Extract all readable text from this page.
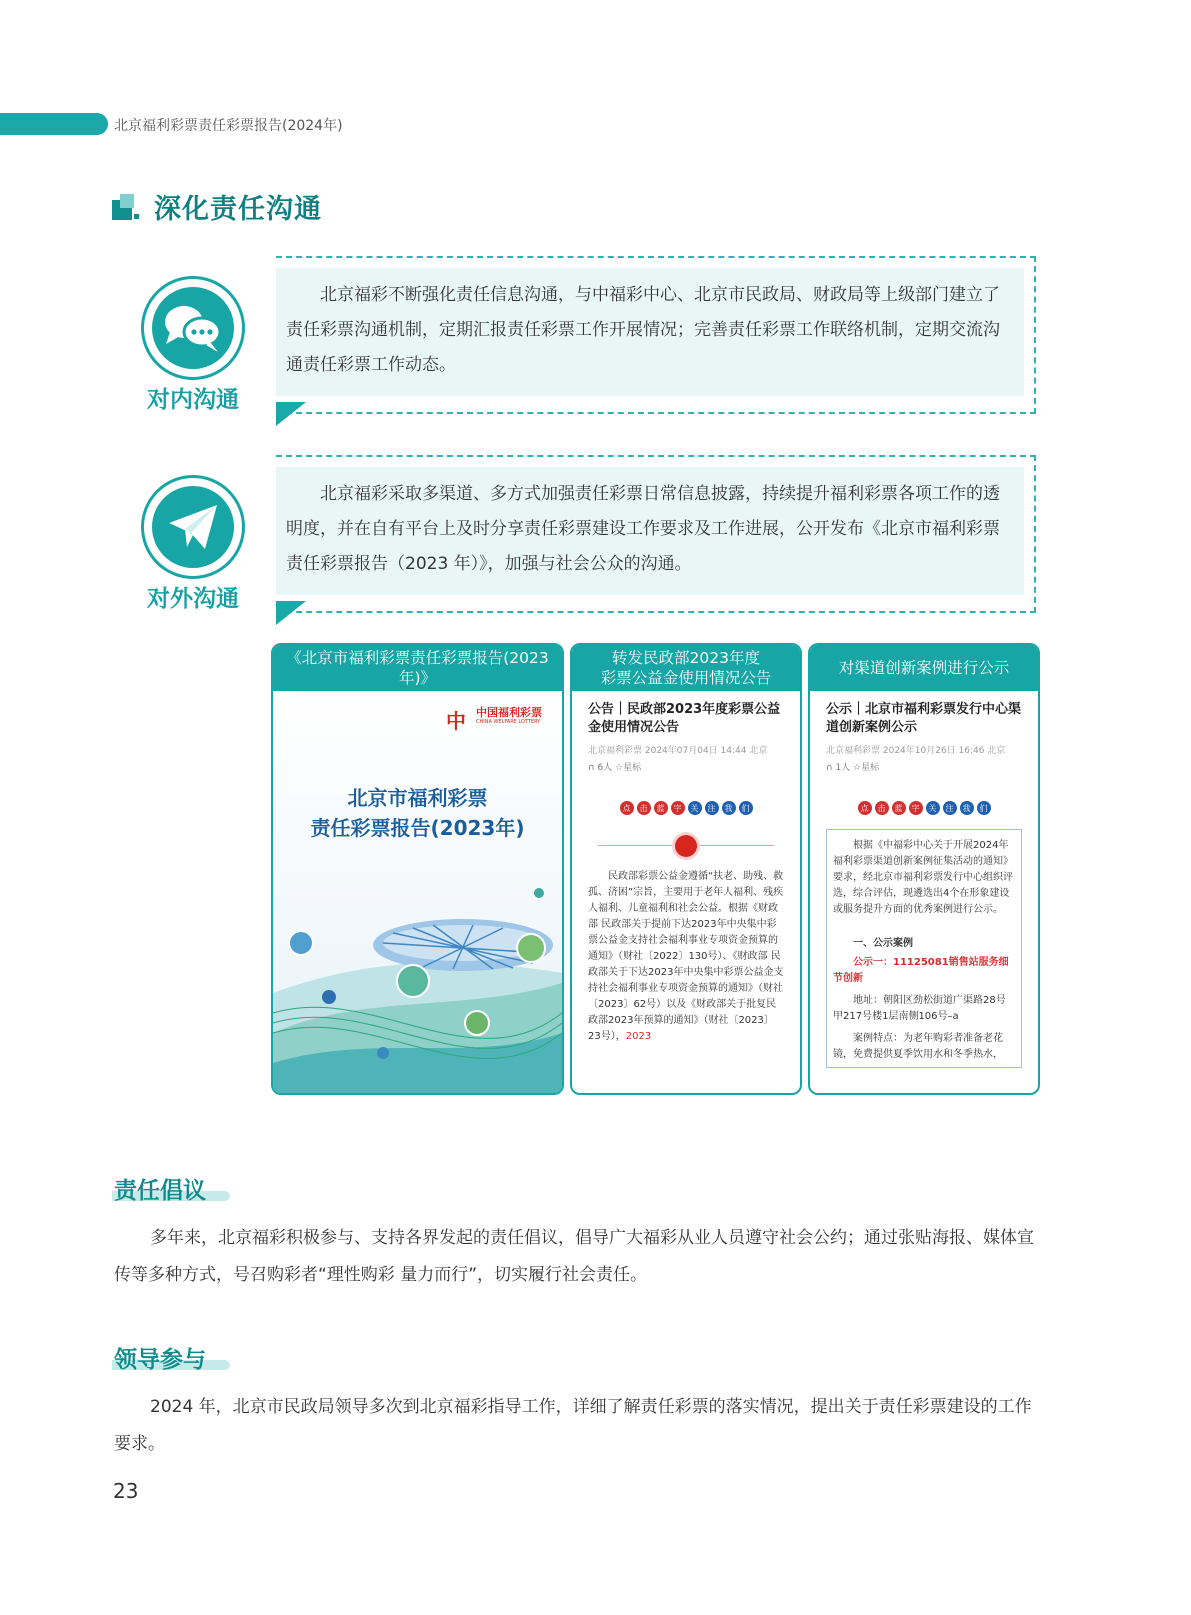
北京福利彩票责任彩票报告(2024年)
深化责任沟通
对内沟通
北京福彩不断强化责任信息沟通，与中福彩中心、北京市民政局、财政局等上级部门建立了责任彩票沟通机制，定期汇报责任彩票工作开展情况；完善责任彩票工作联络机制，定期交流沟通责任彩票工作动态。
对外沟通
北京福彩采取多渠道、多方式加强责任彩票日常信息披露，持续提升福利彩票各项工作的透明度，并在自有平台上及时分享责任彩票建设工作要求及工作进展，公开发布《北京市福利彩票责任彩票报告（2023 年）》，加强与社会公众的沟通。
《北京市福利彩票责任彩票报告(2023年)》
中 中国福利彩票
CHINA WELFARE LOTTERY
北京市福利彩票
责任彩票报告(2023年)
转发民政部2023年度
彩票公益金使用情况公告
公告｜民政部2023年度彩票公益金使用情况公告
北京福利彩票 2024年07月04日 14:44 北京
∩ 6人 ☆星标
点	击	蓝	字	关	注	我	们
民政部彩票公益金遵循“扶老、助残、救孤、济困”宗旨，主要用于老年人福利、残疾人福利、儿童福利和社会公益。根据《财政部 民政部关于提前下达2023年中央集中彩票公益金支持社会福利事业专项资金预算的通知》（财社〔2022〕130号）、《财政部 民政部关于下达2023年中央集中彩票公益金支持社会福利事业专项资金预算的通知》（财社〔2023〕62号）以及《财政部关于批复民政部2023年预算的通知》（财社〔2023〕23号），2023
对渠道创新案例进行公示
公示｜北京市福利彩票发行中心渠道创新案例公示
北京福利彩票 2024年10月26日 16:46 北京
∩ 1人 ☆星标
点	击	蓝	字	关	注	我	们
根据《中福彩中心关于开展2024年福利彩票渠道创新案例征集活动的通知》要求，经北京市福利彩票发行中心组织评选，综合评估，现遴选出4个在形象建设或服务提升方面的优秀案例进行公示。
一、公示案例
公示一：11125081销售站服务细节创新
地址：朝阳区劲松街道广渠路28号甲217号楼1层南侧106号–a
案例特点：为老年购彩者准备老花镜，免费提供夏季饮用水和冬季热水，
责任倡议
多年来，北京福彩积极参与、支持各界发起的责任倡议，倡导广大福彩从业人员遵守社会公约；通过张贴海报、媒体宣传等多种方式，号召购彩者“理性购彩 量力而行”，切实履行社会责任。
领导参与
2024 年，北京市民政局领导多次到北京福彩指导工作，详细了解责任彩票的落实情况，提出关于责任彩票建设的工作要求。
23
